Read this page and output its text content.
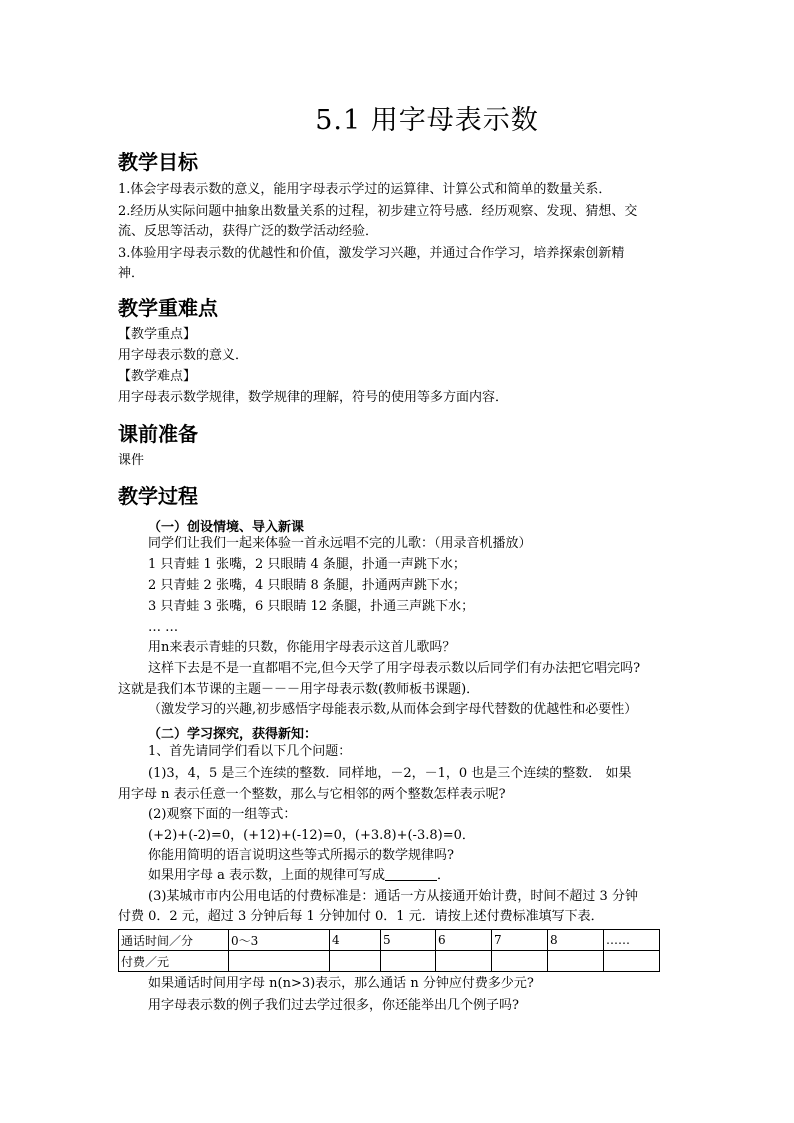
5.1 用字母表示数
教学目标
1.体会字母表示数的意义，能用字母表示学过的运算律、计算公式和简单的数量关系．
2.经历从实际问题中抽象出数量关系的过程，初步建立符号感．经历观察、发现、猜想、交
流、反思等活动，获得广泛的数学活动经验．
3.体验用字母表示数的优越性和价值，激发学习兴趣，并通过合作学习，培养探索创新精
神．
教学重难点
【教学重点】
用字母表示数的意义．
【教学难点】
用字母表示数学规律，数学规律的理解，符号的使用等多方面内容．
课前准备
课件
教学过程
（一）创设情境、导入新课
同学们让我们一起来体验一首永远唱不完的儿歌：（用录音机播放）
1 只青蛙 1 张嘴，2 只眼睛 4 条腿，扑通一声跳下水；
2 只青蛙 2 张嘴，4 只眼睛 8 条腿，扑通两声跳下水；
3 只青蛙 3 张嘴，6 只眼睛 12 条腿，扑通三声跳下水；
… …
用n来表示青蛙的只数，你能用字母表示这首儿歌吗？
这样下去是不是一直都唱不完,但今天学了用字母表示数以后同学们有办法把它唱完吗?
这就是我们本节课的主题－－－用字母表示数(教师板书课题)．
（激发学习的兴趣,初步感悟字母能表示数,从而体会到字母代替数的优越性和必要性）
（二）学习探究，获得新知：
1、首先请同学们看以下几个问题：
(1)3，4，5 是三个连续的整数．同样地，－2，－1，0 也是三个连续的整数． 如果
用字母 n 表示任意一个整数，那么与它相邻的两个整数怎样表示呢?
(2)观察下面的一组等式：
(+2)+(-2)=0，(+12)+(-12)=0，(+3.8)+(-3.8)=0．
你能用简明的语言说明这些等式所揭示的数学规律吗?
如果用字母 a 表示数，上面的规律可写成	．
(3)某城市市内公用电话的付费标准是：通话一方从接通开始计费，时间不超过 3 分钟
付费 0．2 元，超过 3 分钟后每 1 分钟加付 0．1 元．请按上述付费标准填写下表．
通话时间／分	0～3	4	5	6	7	8	……
付费／元							
如果通话时间用字母 n(n>3)表示，那么通话 n 分钟应付费多少元?
用字母表示数的例子我们过去学过很多，你还能举出几个例子吗?
